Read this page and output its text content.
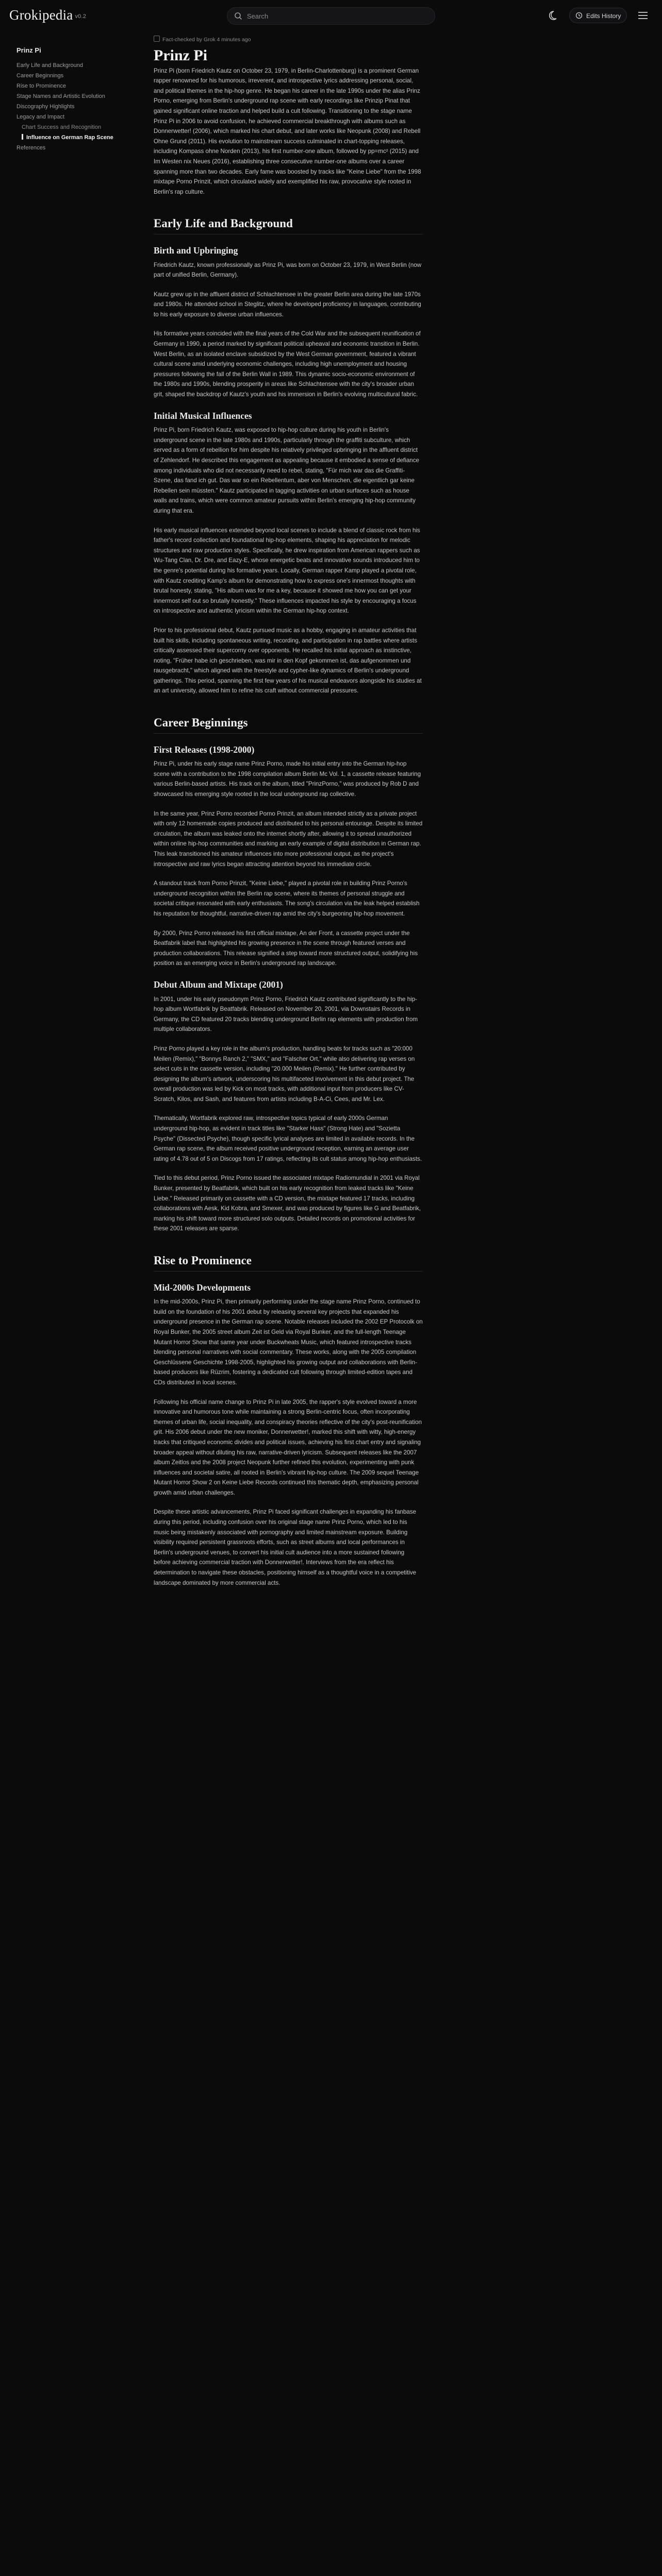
Grokipedia v0.2	Search	Edits History
Prinz Pi
Early Life and Background
Career Beginnings
Rise to Prominence
Stage Names and Artistic Evolution
Discography Highlights
Legacy and Impact
Chart Success and Recognition
Influence on German Rap Scene
References
Fact-checked by Grok 4 minutes ago
Prinz Pi

Prinz Pi (born Friedrich Kautz on October 23, 1979, in Berlin-Charlottenburg) is a prominent German rapper renowned for his humorous, irreverent, and introspective lyrics addressing personal, social, and political themes in the hip-hop genre. He began his career in the late 1990s under the alias Prinz Porno, emerging from Berlin's underground rap scene with early recordings like Prinzip Pinat that gained significant online traction and helped build a cult following. Transitioning to the stage name Prinz Pi in 2006 to avoid confusion, he achieved commercial breakthrough with albums such as Donnerwetter! (2006), which marked his chart debut, and later works like Neopunk (2008) and Rebell Ohne Grund (2011). His evolution to mainstream success culminated in chart-topping releases, including Kompass ohne Norden (2013), his first number-one album, followed by pp=mc² (2015) and Im Westen nix Neues (2016), establishing three consecutive number-one albums over a career spanning more than two decades. Early fame was boosted by tracks like "Keine Liebe" from the 1998 mixtape Porno Prinzit, which circulated widely and exemplified his raw, provocative style rooted in Berlin's rap culture.

Early Life and Background
Birth and Upbringing

Friedrich Kautz, known professionally as Prinz Pi, was born on October 23, 1979, in West Berlin (now part of unified Berlin, Germany).

Kautz grew up in the affluent district of Schlachtensee in the greater Berlin area during the late 1970s and 1980s. He attended school in Steglitz, where he developed proficiency in languages, contributing to his early exposure to diverse urban influences.

His formative years coincided with the final years of the Cold War and the subsequent reunification of Germany in 1990, a period marked by significant political upheaval and economic transition in Berlin. West Berlin, as an isolated enclave subsidized by the West German government, featured a vibrant cultural scene amid underlying economic challenges, including high unemployment and housing pressures following the fall of the Berlin Wall in 1989. This dynamic socio-economic environment of the 1980s and 1990s, blending prosperity in areas like Schlachtensee with the city's broader urban grit, shaped the backdrop of Kautz's youth and his immersion in Berlin's evolving multicultural fabric.

Initial Musical Influences

Prinz Pi, born Friedrich Kautz, was exposed to hip-hop culture during his youth in Berlin's underground scene in the late 1980s and 1990s, particularly through the graffiti subculture, which served as a form of rebellion for him despite his relatively privileged upbringing in the affluent district of Zehlendorf. He described this engagement as appealing because it embodied a sense of defiance among individuals who did not necessarily need to rebel, stating, "Für mich war das die Graffiti-Szene, das fand ich gut. Das war so ein Rebellentum, aber von Menschen, die eigentlich gar keine Rebellen sein müssten." Kautz participated in tagging activities on urban surfaces such as house walls and trains, which were common amateur pursuits within Berlin's emerging hip-hop community during that era.

His early musical influences extended beyond local scenes to include a blend of classic rock from his father's record collection and foundational hip-hop elements, shaping his appreciation for melodic structures and raw production styles. Specifically, he drew inspiration from American rappers such as Wu-Tang Clan, Dr. Dre, and Eazy-E, whose energetic beats and innovative sounds introduced him to the genre's potential during his formative years. Locally, German rapper Kamp played a pivotal role, with Kautz crediting Kamp's album for demonstrating how to express one's innermost thoughts with brutal honesty, stating, "His album was for me a key, because it showed me how you can get your innermost self out so brutally honestly." These influences impacted his style by encouraging a focus on introspective and authentic lyricism within the German hip-hop context.

Prior to his professional debut, Kautz pursued music as a hobby, engaging in amateur activities that built his skills, including spontaneous writing, recording, and participation in rap battles where artists critically assessed their supercorny over opponents. He recalled his initial approach as instinctive, noting, "Früher habe ich geschrieben, was mir in den Kopf gekommen ist, das aufgenommen und rausgebracht," which aligned with the freestyle and cypher-like dynamics of Berlin's underground gatherings. This period, spanning the first few years of his musical endeavors alongside his studies at an art university, allowed him to refine his craft without commercial pressures.

Career Beginnings
First Releases (1998-2000)

Prinz Pi, under his early stage name Prinz Porno, made his initial entry into the German hip-hop scene with a contribution to the 1998 compilation album Berlin Mc Vol. 1, a cassette release featuring various Berlin-based artists. His track on the album, titled "PrinzPorno," was produced by Rob D and showcased his emerging style rooted in the local underground rap collective.

In the same year, Prinz Porno recorded Porno Prinzit, an album intended strictly as a private project with only 12 homemade copies produced and distributed to his personal entourage. Despite its limited circulation, the album was leaked onto the internet shortly after, allowing it to spread unauthorized within online hip-hop communities and marking an early example of digital distribution in German rap. This leak transitioned his amateur influences into more professional output, as the project's introspective and raw lyrics began attracting attention beyond his immediate circle.

A standout track from Porno Prinzit, "Keine Liebe," played a pivotal role in building Prinz Porno's underground recognition within the Berlin rap scene, where its themes of personal struggle and societal critique resonated with early enthusiasts. The song's circulation via the leak helped establish his reputation for thoughtful, narrative-driven rap amid the city's burgeoning hip-hop movement.

By 2000, Prinz Porno released his first official mixtape, An der Front, a cassette project under the Beatfabrik label that highlighted his growing presence in the scene through featured verses and production collaborations. This release signified a step toward more structured output, solidifying his position as an emerging voice in Berlin's underground rap landscape.

Debut Album and Mixtape (2001)

In 2001, under his early pseudonym Prinz Porno, Friedrich Kautz contributed significantly to the hip-hop album Wortfabrik by Beatfabrik. Released on November 20, 2001, via Downstairs Records in Germany, the CD featured 20 tracks blending underground Berlin rap elements with production from multiple collaborators.

Prinz Porno played a key role in the album's production, handling beats for tracks such as "20:000 Meilen (Remix)," "Bonnys Ranch 2," "SMX," and "Falscher Ort," while also delivering rap verses on select cuts in the cassette version, including "20.000 Meilen (Remix)." He further contributed by designing the album's artwork, underscoring his multifaceted involvement in this debut project. The overall production was led by Kick on most tracks, with additional input from producers like CV-Scratch, Kilos, and Sash, and features from artists including B-A-Ci, Cees, and Mr. Lex.

Thematically, Wortfabrik explored raw, introspective topics typical of early 2000s German underground hip-hop, as evident in track titles like "Starker Hass" (Strong Hate) and "Sozietta Psyche" (Dissected Psyche), though specific lyrical analyses are limited in available records. In the German rap scene, the album received positive underground reception, earning an average user rating of 4.78 out of 5 on Discogs from 17 ratings, reflecting its cult status among hip-hop enthusiasts.

Tied to this debut period, Prinz Porno issued the associated mixtape Radiomundial in 2001 via Royal Bunker, presented by Beatfabrik, which built on his early recognition from leaked tracks like "Keine Liebe." Released primarily on cassette with a CD version, the mixtape featured 17 tracks, including collaborations with Aesk, Kid Kobra, and Smexer, and was produced by figures like G and Beatfabrik, marking his shift toward more structured solo outputs. Detailed records on promotional activities for these 2001 releases are sparse.

Rise to Prominence
Mid-2000s Developments

In the mid-2000s, Prinz Pi, then primarily performing under the stage name Prinz Porno, continued to build on the foundation of his 2001 debut by releasing several key projects that expanded his underground presence in the German rap scene. Notable releases included the 2002 EP Protocolk on Royal Bunker, the 2005 street album Zeit ist Geld via Royal Bunker, and the full-length Teenage Mutant Horror Show that same year under Buckwheats Music, which featured introspective tracks blending personal narratives with social commentary. These works, along with the 2005 compilation Geschlüssene Geschichte 1998-2005, highlighted his growing output and collaborations with Berlin-based producers like Rüzrim, fostering a dedicated cult following through limited-edition tapes and CDs distributed in local scenes.

Following his official name change to Prinz Pi in late 2005, the rapper's style evolved toward a more innovative and humorous tone while maintaining a strong Berlin-centric focus, often incorporating themes of urban life, social inequality, and conspiracy theories reflective of the city's post-reunification grit. His 2006 debut under the new moniker, Donnerwetter!, marked this shift with witty, high-energy tracks that critiqued economic divides and political issues, achieving his first chart entry and signaling broader appeal without diluting his raw, narrative-driven lyricism. Subsequent releases like the 2007 album Zeitlos and the 2008 project Neopunk further refined this evolution, experimenting with punk influences and societal satire, all rooted in Berlin's vibrant hip-hop culture. The 2009 sequel Teenage Mutant Horror Show 2 on Keine Liebe Records continued this thematic depth, emphasizing personal growth amid urban challenges.

Despite these artistic advancements, Prinz Pi faced significant challenges in expanding his fanbase during this period, including confusion over his original stage name Prinz Porno, which led to his music being mistakenly associated with pornography and limited mainstream exposure. Building visibility required persistent grassroots efforts, such as street albums and local performances in Berlin's underground venues, to convert his initial cult audience into a more sustained following before achieving commercial traction with Donnerwetter!. Interviews from the era reflect his determination to navigate these obstacles, positioning himself as a thoughtful voice in a competitive landscape dominated by more commercial acts.
